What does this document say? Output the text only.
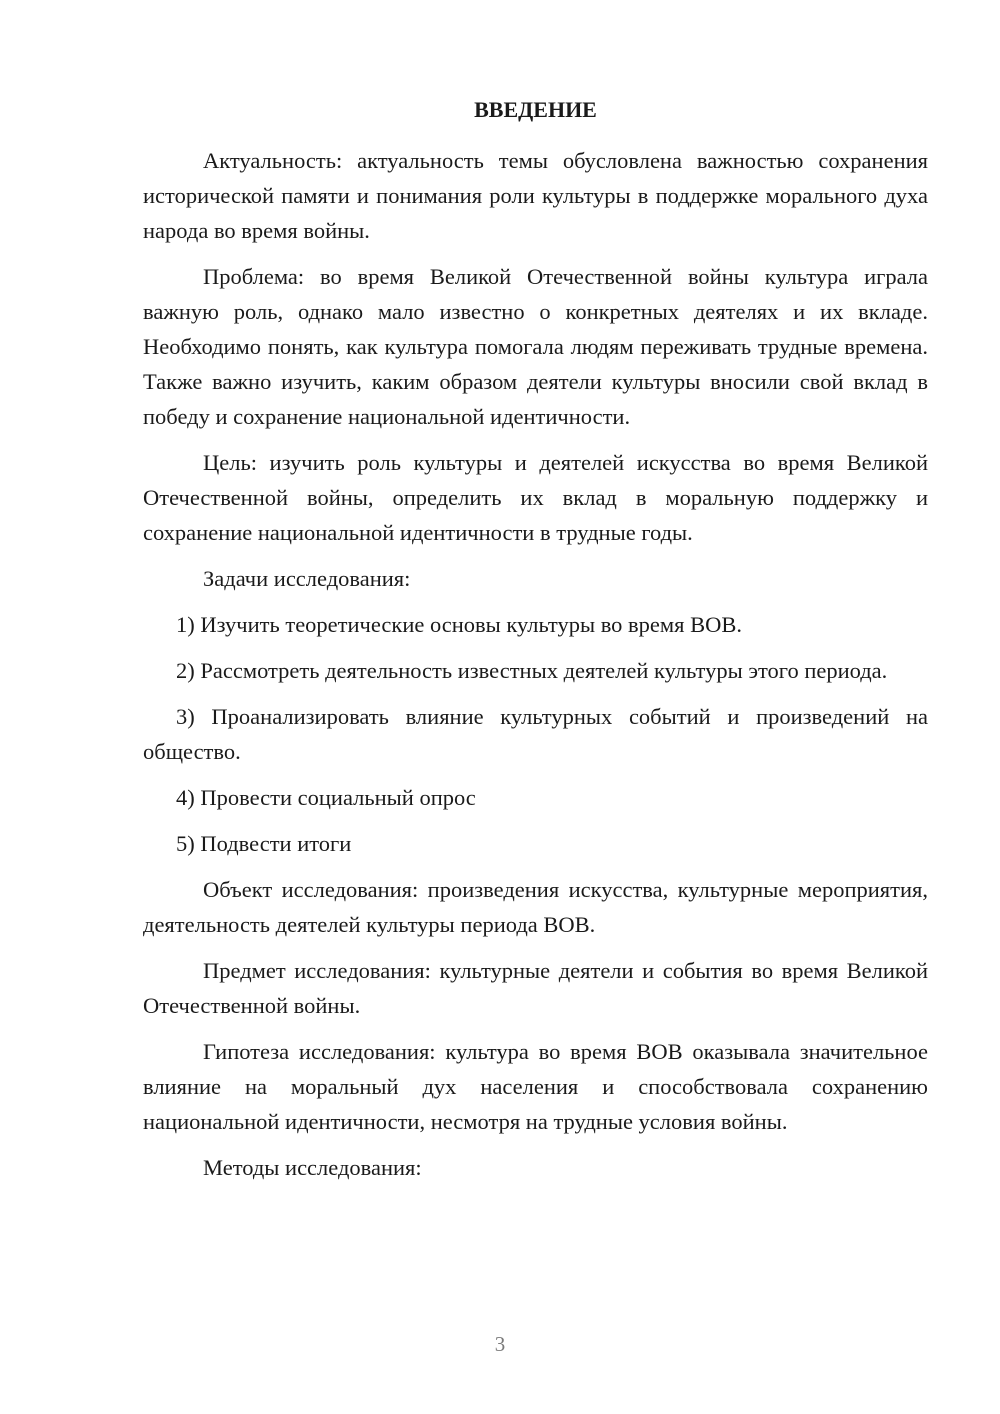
ВВЕДЕНИЕ

Актуальность: актуальность темы обусловлена важностью сохранения исторической памяти и понимания роли культуры в поддержке морального духа народа во время войны.

Проблема: во время Великой Отечественной войны культура играла важную роль, однако мало известно о конкретных деятелях и их вкладе. Необходимо понять, как культура помогала людям переживать трудные времена. Также важно изучить, каким образом деятели культуры вносили свой вклад в победу и сохранение национальной идентичности.

Цель: изучить роль культуры и деятелей искусства во время Великой Отечественной войны, определить их вклад в моральную поддержку и сохранение национальной идентичности в трудные годы.

Задачи исследования:

1) Изучить теоретические основы культуры во время ВОВ.

2) Рассмотреть деятельность известных деятелей культуры этого периода.

3) Проанализировать влияние культурных событий и произведений на общество.

4) Провести социальный опрос

5) Подвести итоги

Объект исследования: произведения искусства, культурные мероприятия, деятельность деятелей культуры периода ВОВ.

Предмет исследования: культурные деятели и события во время Великой Отечественной войны.

Гипотеза исследования: культура во время ВОВ оказывала значительное влияние на моральный дух населения и способствовала сохранению национальной идентичности, несмотря на трудные условия войны.

Методы исследования:

3
